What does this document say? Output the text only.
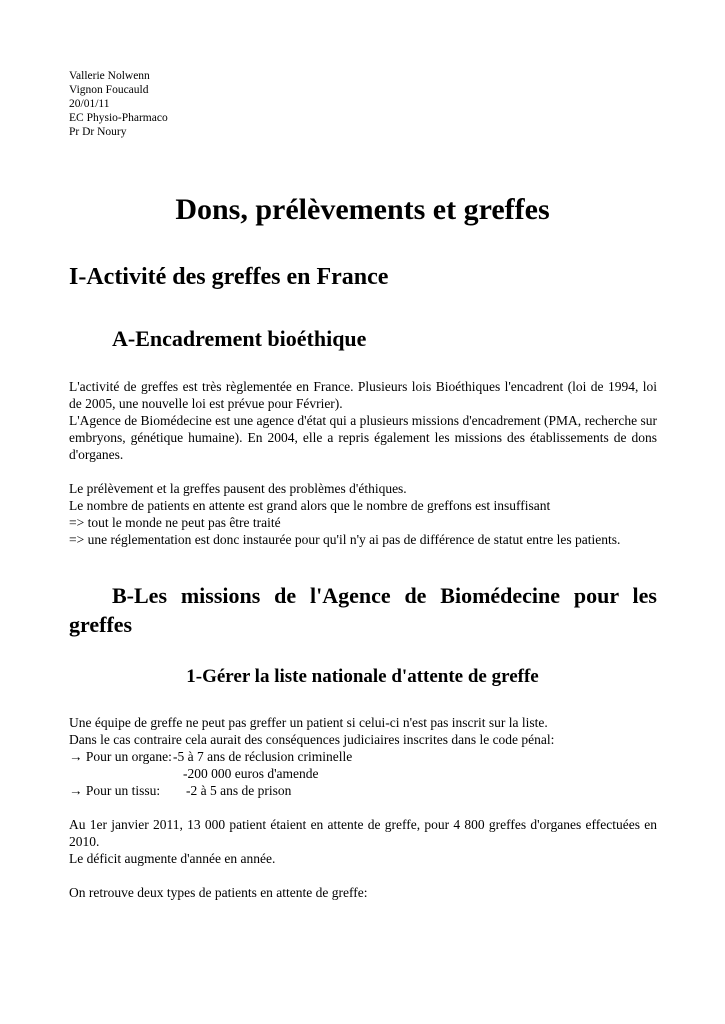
Vallerie Nolwenn
Vignon Foucauld
20/01/11
EC Physio-Pharmaco
Pr Dr Noury
Dons, prélèvements et greffes
I-Activité des greffes en France
A-Encadrement bioéthique

L'activité de greffes est très règlementée en France. Plusieurs lois Bioéthiques l'encadrent (loi de 1994, loi de 2005, une nouvelle loi est prévue pour Février).

L'Agence de Biomédecine est une agence d'état qui a plusieurs missions d'encadrement (PMA, recherche sur embryons, génétique humaine). En 2004, elle a repris également les missions des établissements de dons d'organes.

Le prélèvement et la greffes pausent des problèmes d'éthiques.

Le nombre de patients en attente est grand alors que le nombre de greffons est insuffisant

=> tout le monde ne peut pas être traité

=> une réglementation est donc instaurée pour qu'il n'y ai pas de différence de statut entre les patients.

B-Les missions de l'Agence de Biomédecine pour les greffes
1-Gérer la liste nationale d'attente de greffe

Une équipe de greffe ne peut pas greffer un patient si celui-ci n'est pas inscrit sur la liste.

Dans le cas contraire cela aurait des conséquences judiciaires inscrites dans le code pénal:

→ Pour un organe: -5 à 7 ans de réclusion criminelle
-200 000 euros d'amende
→ Pour un tissu: -2 à 5 ans de prison

Au 1er janvier 2011, 13 000 patient étaient en attente de greffe, pour 4 800 greffes d'organes effectuées en 2010.

Le déficit augmente d'année en année.

On retrouve deux types de patients en attente de greffe:
